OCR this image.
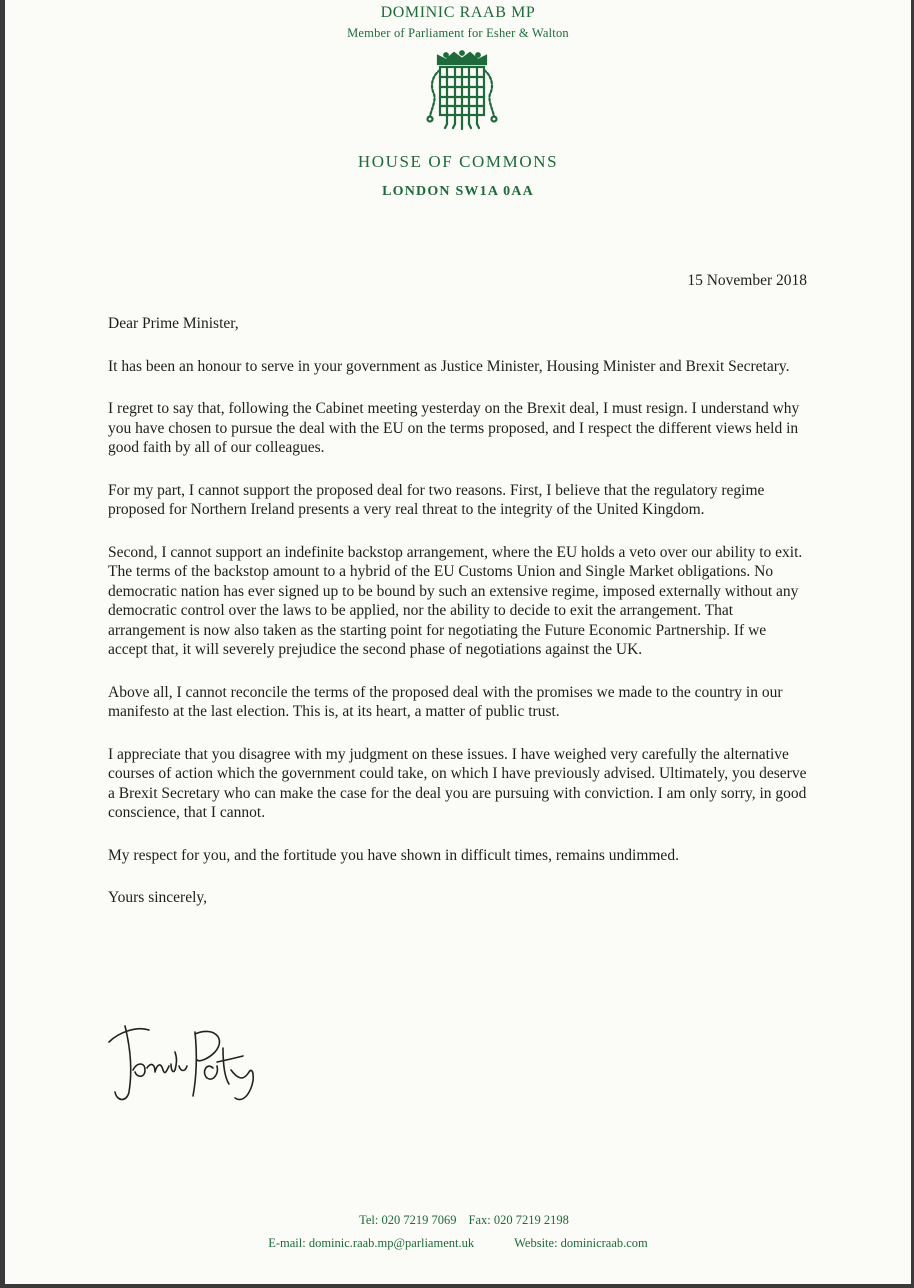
DOMINIC RAAB MP
Member of Parliament for Esher & Walton
HOUSE OF COMMONS
LONDON SW1A 0AA
15 November 2018

Dear Prime Minister,

It has been an honour to serve in your government as Justice Minister, Housing Minister and Brexit Secretary.

I regret to say that, following the Cabinet meeting yesterday on the Brexit deal, I must resign. I understand why you have chosen to pursue the deal with the EU on the terms proposed, and I respect the different views held in good faith by all of our colleagues.

For my part, I cannot support the proposed deal for two reasons. First, I believe that the regulatory regime proposed for Northern Ireland presents a very real threat to the integrity of the United Kingdom.

Second, I cannot support an indefinite backstop arrangement, where the EU holds a veto over our ability to exit. The terms of the backstop amount to a hybrid of the EU Customs Union and Single Market obligations. No democratic nation has ever signed up to be bound by such an extensive regime, imposed externally without any democratic control over the laws to be applied, nor the ability to decide to exit the arrangement. That arrangement is now also taken as the starting point for negotiating the Future Economic Partnership. If we accept that, it will severely prejudice the second phase of negotiations against the UK.

Above all, I cannot reconcile the terms of the proposed deal with the promises we made to the country in our manifesto at the last election. This is, at its heart, a matter of public trust.

I appreciate that you disagree with my judgment on these issues. I have weighed very carefully the alternative courses of action which the government could take, on which I have previously advised. Ultimately, you deserve a Brexit Secretary who can make the case for the deal you are pursuing with conviction. I am only sorry, in good conscience, that I cannot.

My respect for you, and the fortitude you have shown in difficult times, remains undimmed.

Yours sincerely,

Tel: 020 7219 7069 Fax: 020 7219 2198
E-mail: dominic.raab.mp@parliament.uk	Website: dominicraab.com
